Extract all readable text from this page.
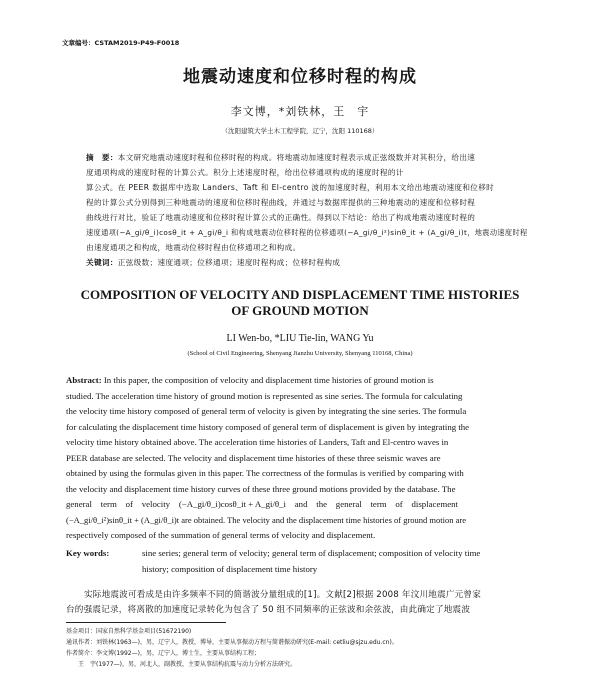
文章编号：CSTAM2019-P49-F0018
地震动速度和位移时程的构成
李文博，*刘铁林，王　宇
（沈阳建筑大学土木工程学院，辽宁，沈阳 110168）
摘　要：本文研究地震动速度时程和位移时程的构成。将地震动加速度时程表示成正弦级数并对其积分，给出速
度通项构成的速度时程的计算公式。积分上述速度时程，给出位移通项构成的速度时程的计
算公式。在 PEER 数据库中选取 Landers、Taft 和 El-centro 波的加速度时程，利用本文给出地震动速度和位移时
程的计算公式分别得到三种地震动的速度和位移时程曲线，并通过与数据库提供的三种地震动的速度和位移时程
曲线进行对比，验证了地震动速度和位移时程计算公式的正确性。得到以下结论：给出了构成地震动速度时程的
速度通项(−A_gi/θ_i)cosθ_it + A_gi/θ_i 和构成地震动位移时程的位移通项(−A_gi/θ_i²)sinθ_it + (A_gi/θ_i)t，地震动速度时程
由速度通项之和构成，地震动位移时程由位移通项之和构成。
关键词：正弦级数；速度通项；位移通项；速度时程构成；位移时程构成
COMPOSITION OF VELOCITY AND DISPLACEMENT TIME HISTORIES
OF GROUND MOTION
LI Wen-bo, *LIU Tie-lin, WANG Yu
(School of Civil Engineering, Shenyang Jianzhu University, Shenyang 110168, China)
Abstract: In this paper, the composition of velocity and displacement time histories of ground motion is
studied. The acceleration time history of ground motion is represented as sine series. The formula for calculating
the velocity time history composed of general term of velocity is given by integrating the sine series. The formula
for calculating the displacement time history composed of general term of displacement is given by integrating the
velocity time history obtained above. The acceleration time histories of Landers, Taft and El-centro waves in
PEER database are selected. The velocity and displacement time histories of these three seismic waves are
obtained by using the formulas given in this paper. The correctness of the formulas is verified by comparing with
the velocity and displacement time history curves of these three ground motions provided by the database. The
general　term　of　velocity　(−A_gi/θ_i)cosθ_it + A_gi/θ_i　and　the　general　term　of　displacement
(−A_gi/θ_i²)sinθ_it + (A_gi/θ_i)t are obtained. The velocity and the displacement time histories of ground motion are
respectively composed of the summation of general terms of velocity and displacement.
Key words:	sine series; general term of velocity; general term of displacement; composition of velocity time
history; composition of displacement time history
实际地震波可看成是由许多频率不同的简谐波分量组成的[1]。文献[2]根据 2008 年汶川地震广元曾家
台的强震记录，将离散的加速度记录转化为包含了 50 组不同频率的正弦波和余弦波，由此确定了地震波
基金项目：国家自然科学基金项目(51672190)
通讯作者：刘铁林(1963—)，男，辽宁人，教授，博导，主要从事振动方程与简谐振动研究(E-mail: cetliu@sjzu.edu.cn)。
作者简介：李文博(1992—)，男，辽宁人，博士生，主要从事结构工程；
　　王　宇(1977—)，男，河北人，副教授，主要从事结构抗震与动力分析方法研究。
